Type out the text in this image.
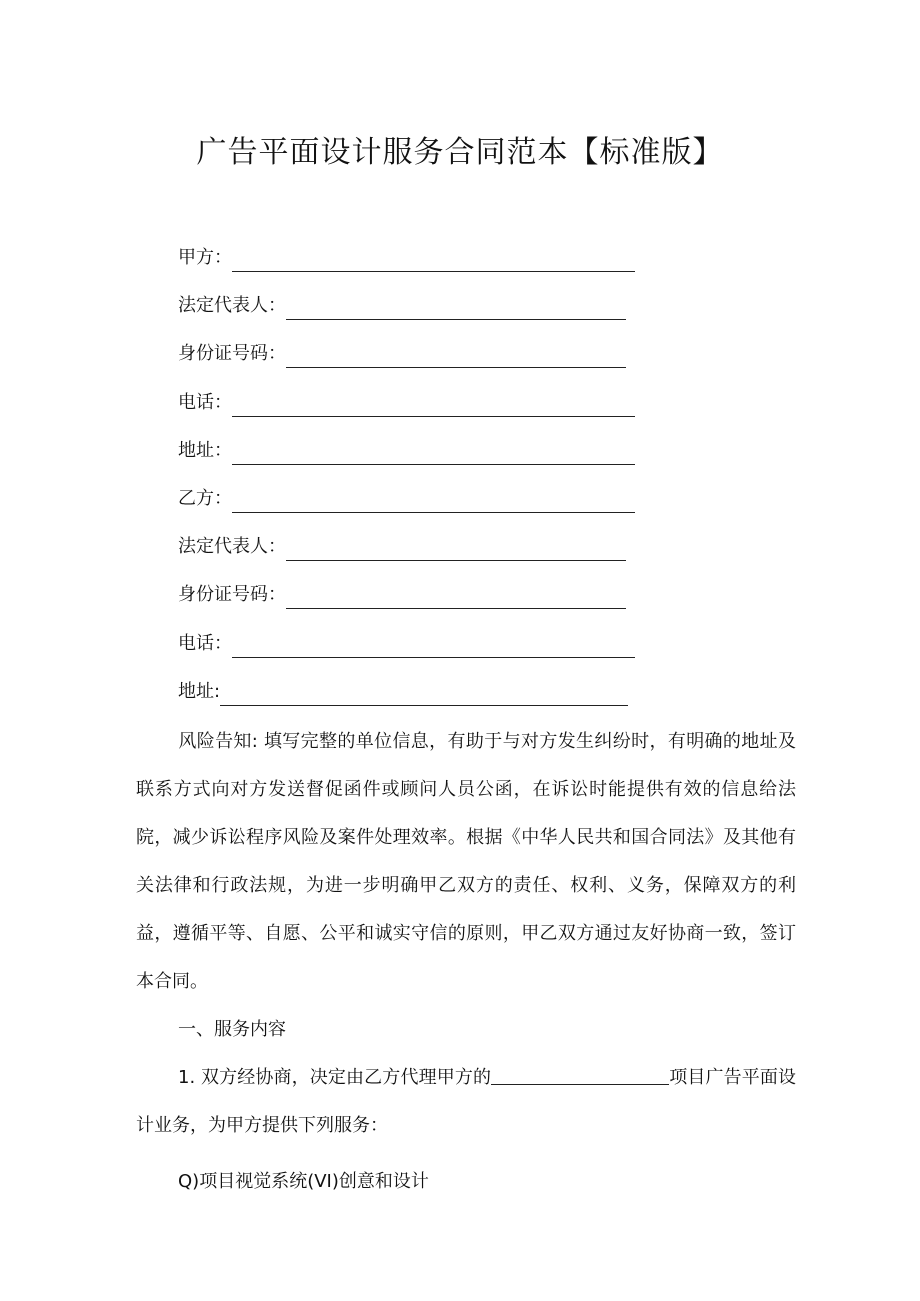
广告平面设计服务合同范本【标准版】
甲方：
法定代表人：
身份证号码：
电话：
地址：
乙方：
法定代表人：
身份证号码：
电话：
地址:
风险告知: 填写完整的单位信息，有助于与对方发生纠纷时，有明确的地址及联系方式向对方发送督促函件或顾问人员公函，在诉讼时能提供有效的信息给法院，减少诉讼程序风险及案件处理效率。根据《中华人民共和国合同法》及其他有关法律和行政法规，为进一步明确甲乙双方的责任、权利、义务，保障双方的利益，遵循平等、自愿、公平和诚实守信的原则，甲乙双方通过友好协商一致，签订本合同。
一、服务内容
1. 双方经协商，决定由乙方代理甲方的	项目广告平面设计业务，为甲方提供下列服务：
Q)项目视觉系统(VI)创意和设计
